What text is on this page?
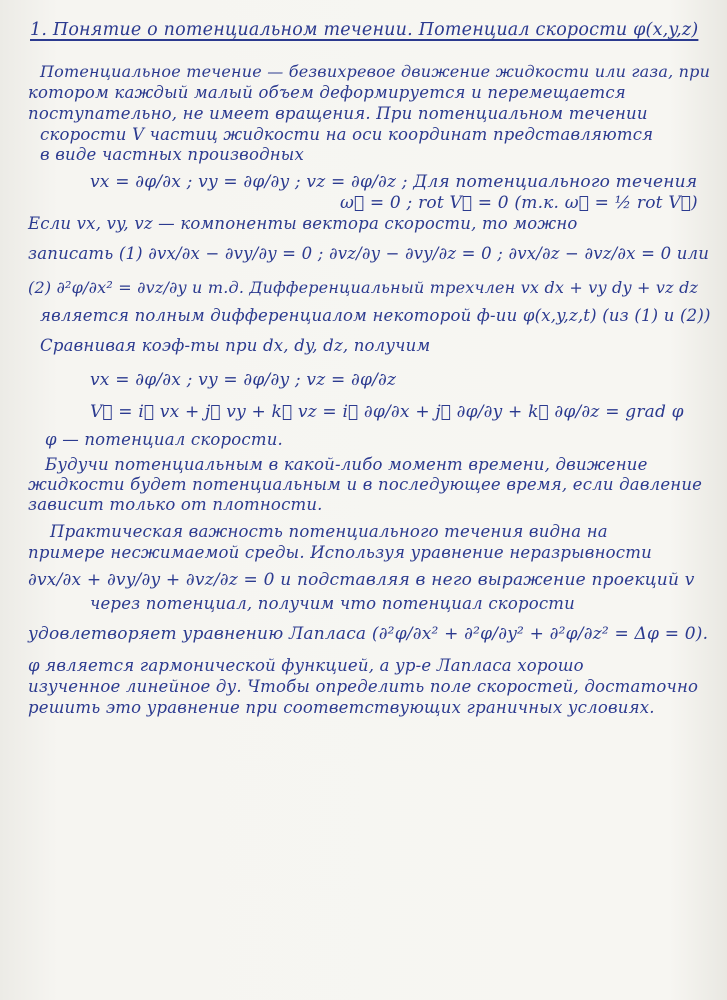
1. Понятие о потенциальном течении. Потенциал скорости φ(x,y,z)
Потенциальное течение — безвихревое движение жидкости или газа, при
котором каждый малый объем деформируется и перемещается
поступательно, не имеет вращения. При потенциальном течении
скорости V частиц жидкости на оси координат представляются
в виде частных производных
vx = ∂φ/∂x ; vy = ∂φ/∂y ; vz = ∂φ/∂z ; Для потенциального течения
ω⃗ = 0 ; rot V⃗ = 0 (т.к. ω⃗ = ½ rot V⃗)
Если vx, vy, vz — компоненты вектора скорости, то можно
записать (1) ∂vx/∂x − ∂vy/∂y = 0 ; ∂vz/∂y − ∂vy/∂z = 0 ; ∂vx/∂z − ∂vz/∂x = 0 или
(2) ∂²φ/∂x² = ∂vz/∂y и т.д. Дифференциальный трехчлен vx dx + vy dy + vz dz
является полным дифференциалом некоторой ф-ии φ(x,y,z,t) (из (1) и (2))
Сравнивая коэф-ты при dx, dy, dz, получим
vx = ∂φ/∂x ; vy = ∂φ/∂y ; vz = ∂φ/∂z
V⃗ = i⃗ vx + j⃗ vy + k⃗ vz = i⃗ ∂φ/∂x + j⃗ ∂φ/∂y + k⃗ ∂φ/∂z = grad φ
φ — потенциал скорости.
Будучи потенциальным в какой-либо момент времени, движение
жидкости будет потенциальным и в последующее время, если давление
зависит только от плотности.
Практическая важность потенциального течения видна на
примере несжимаемой среды. Используя уравнение неразрывности
∂vx/∂x + ∂vy/∂y + ∂vz/∂z = 0 и подставляя в него выражение проекций v
через потенциал, получим что потенциал скорости
удовлетворяет уравнению Лапласа (∂²φ/∂x² + ∂²φ/∂y² + ∂²φ/∂z² = Δφ = 0).
φ является гармонической функцией, а ур-е Лапласа хорошо
изученное линейное ду. Чтобы определить поле скоростей, достаточно
решить это уравнение при соответствующих граничных условиях.
